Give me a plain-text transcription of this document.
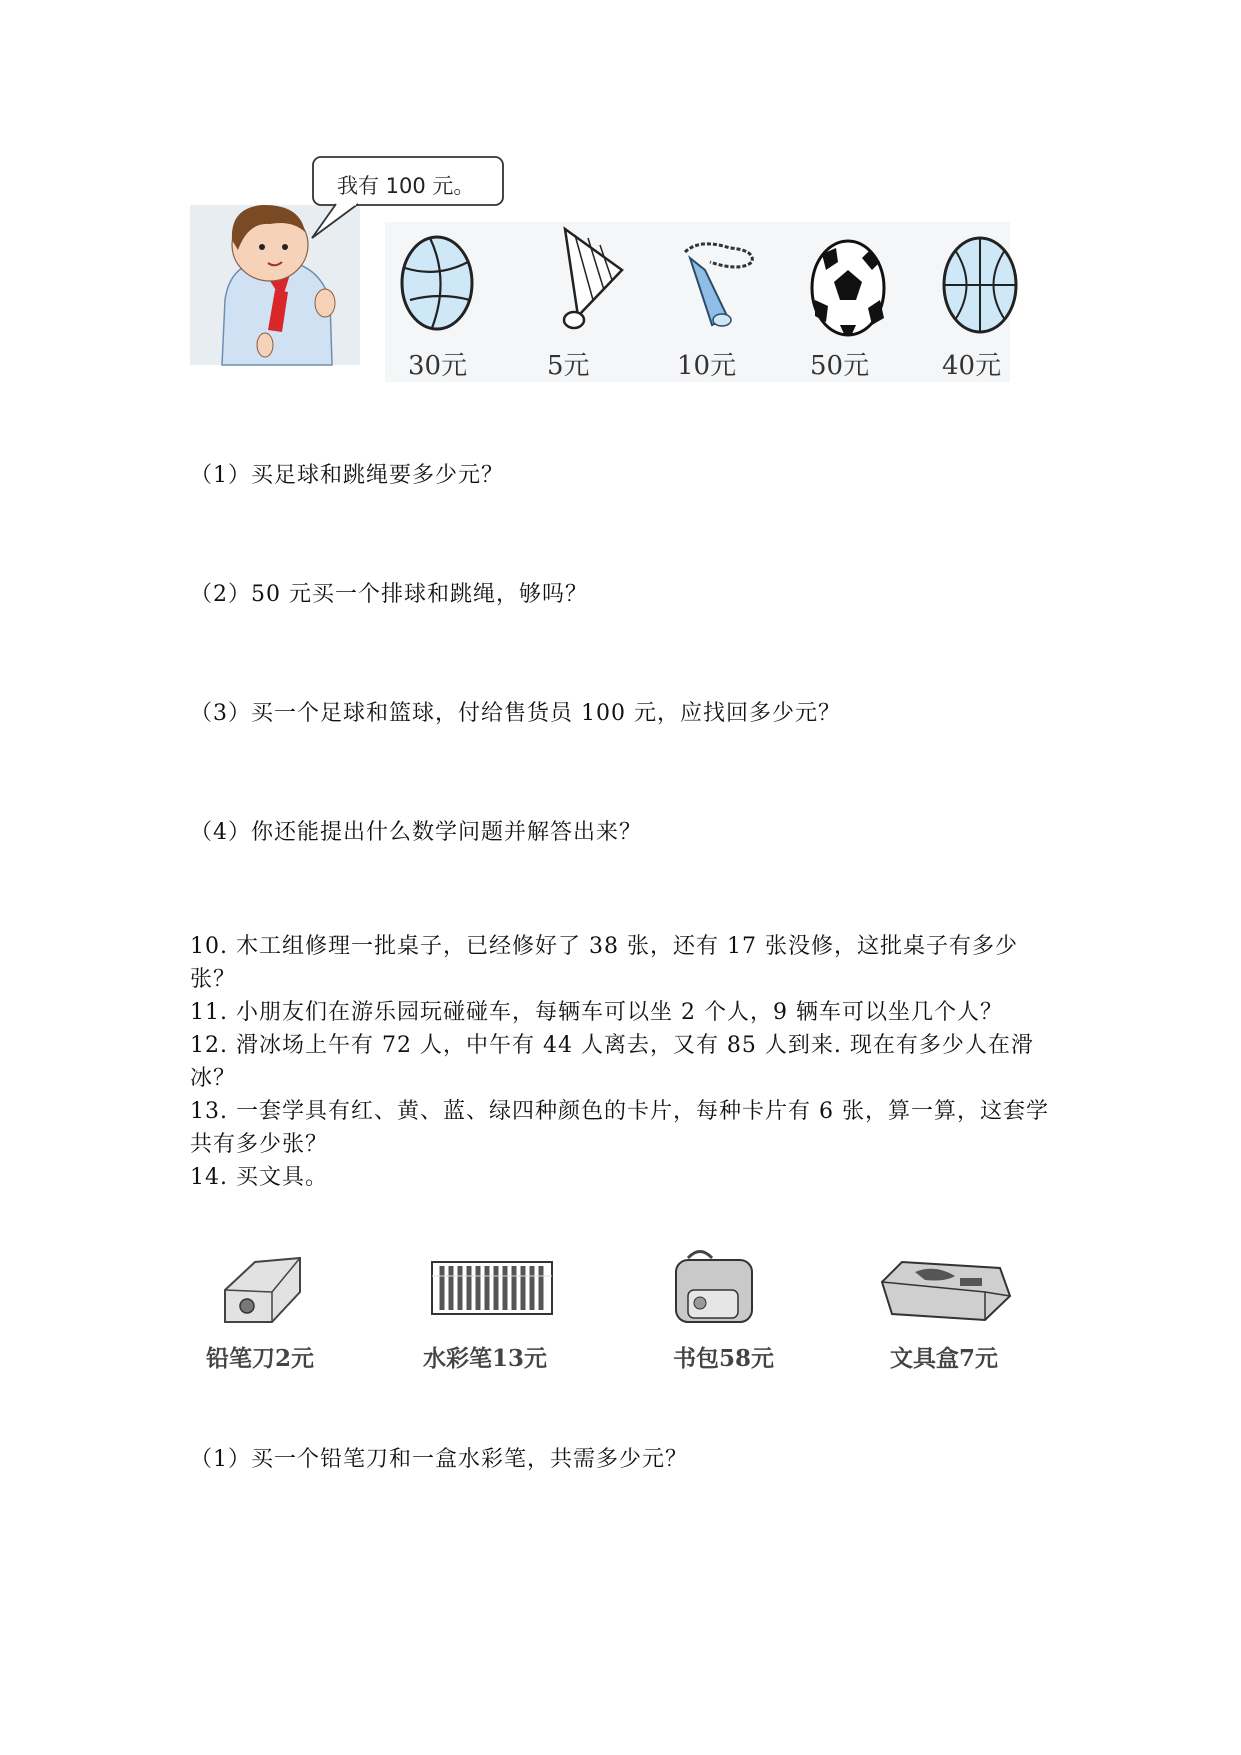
我有 100 元。
30元	5元	10元	50元	40元
（1）买足球和跳绳要多少元？
（2）50 元买一个排球和跳绳，够吗？
（3）买一个足球和篮球，付给售货员 100 元，应找回多少元？
（4）你还能提出什么数学问题并解答出来？
10. 木工组修理一批桌子，已经修好了 38 张，还有 17 张没修，这批桌子有多少张？
11. 小朋友们在游乐园玩碰碰车，每辆车可以坐 2 个人，9 辆车可以坐几个人？
12. 滑冰场上午有 72 人，中午有 44 人离去，又有 85 人到来. 现在有多少人在滑冰？
13. 一套学具有红、黄、蓝、绿四种颜色的卡片，每种卡片有 6 张，算一算，这套学共有多少张？
14. 买文具。
铅笔刀2元	水彩笔13元	书包58元	文具盒7元
（1）买一个铅笔刀和一盒水彩笔，共需多少元？
